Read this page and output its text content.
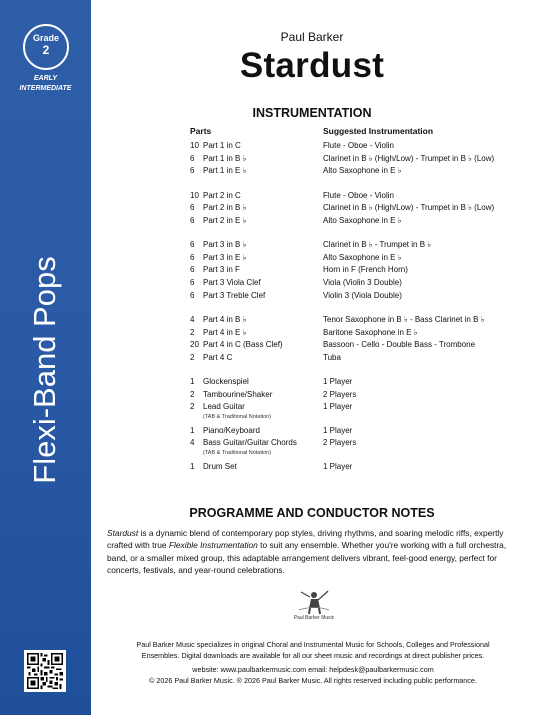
Grade
2
EARLY
INTERMEDIATE
Flexi-Band Pops
Paul Barker
Stardust
INSTRUMENTATION
Parts	Suggested Instrumentation
10 Part 1 in C	Flute - Oboe - Violin
6 Part 1 in B ♭	Clarinet in B ♭ (High/Low) - Trumpet in B ♭ (Low)
6 Part 1 in E ♭	Alto Saxophone in E ♭
10 Part 2 in C	Flute - Oboe - Violin
6 Part 2 in B ♭	Clarinet in B ♭ (High/Low) - Trumpet in B ♭ (Low)
6 Part 2 in E ♭	Alto Saxophone in E ♭
6 Part 3 in B ♭	Clarinet in B ♭ - Trumpet in B ♭
6 Part 3 in E ♭	Alto Saxophone in E ♭
6 Part 3 in F	Horn in F (French Horn)
6 Part 3 Viola Clef	Viola (Violin 3 Double)
6 Part 3 Treble Clef	Violin 3 (Viola Double)
4 Part 4 in B ♭	Tenor Saxophone in B ♭ - Bass Clarinet in B ♭
2 Part 4 in E ♭	Baritone Saxophone in E ♭
20 Part 4 in C (Bass Clef)	Bassoon - Cello - Double Bass - Trombone
2 Part 4 C	Tuba
1 Glockenspiel	1 Player
2 Tambourine/Shaker	2 Players
2 Lead Guitar	1 Player
(TAB & Traditional Notation)
1 Piano/Keyboard	1 Player
4 Bass Guitar/Guitar Chords	2 Players
(TAB & Traditional Notation)
1 Drum Set	1 Player
PROGRAMME AND CONDUCTOR NOTES
Stardust is a dynamic blend of contemporary pop styles, driving rhythms, and soaring melodic riffs, expertly crafted with true Flexible Instrumentation to suit any ensemble. Whether you're working with a full orchestra, band, or a smaller mixed group, this adaptable arrangement delivers vibrant, feel-good energy, perfect for concerts, festivals, and year-round celebrations.
Paul Barker Music

Paul Barker Music specializes in original Choral and Instrumental Music for Schools, Colleges and Professional

Ensembles. Digital downloads are available for all our sheet music and recordings at direct publisher prices.

website: www.paulbarkermusic.com email: helpdesk@paulbarkermusic.com

© 2026 Paul Barker Music. ® 2026 Paul Barker Music. All rights reserved including public performance.
